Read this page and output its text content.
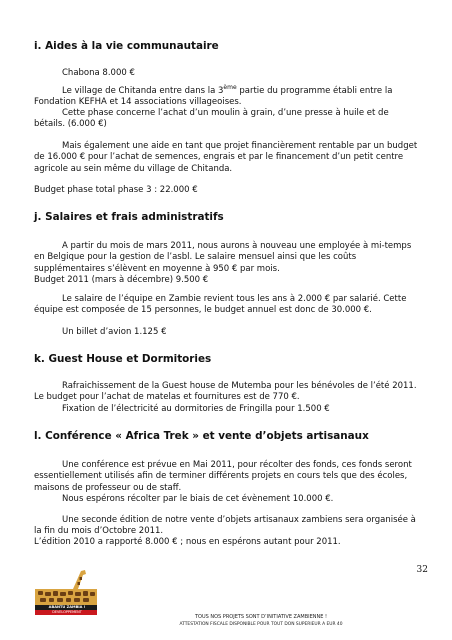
i. Aides à la vie communautaire

Chabona 8.000 €

Le village de Chitanda entre dans la 3ème partie du programme établi entre la Fondation KEFHA et 14 associations villageoises.

Cette phase concerne l’achat d’un moulin à grain, d’une presse à huile et de bétails. (6.000 €)

Mais également une aide en tant que projet financièrement rentable par un budget de 16.000 € pour l’achat de semences, engrais et par le financement d’un petit centre agricole au sein même du village de Chitanda.

Budget phase total phase 3 : 22.000 €

j. Salaires et frais administratifs

A partir du mois de mars 2011, nous aurons à nouveau une employée à mi-temps en Belgique pour la gestion de l’asbl. Le salaire mensuel ainsi que les coûts supplémentaires s’élèvent en moyenne à 950 € par mois.

Budget 2011 (mars à décembre) 9.500 €

Le salaire de l’équipe en Zambie revient tous les ans à 2.000 € par salarié. Cette équipe est composée de 15 personnes, le budget annuel est donc de 30.000 €.

Un billet d’avion 1.125 €

k. Guest House et Dormitories

Rafraichissement de la Guest house de Mutemba pour les bénévoles de l’été 2011. Le budget pour l’achat de matelas et fournitures est de 770 €.

Fixation de l’électricité au dormitories de Fringilla pour 1.500 €

l. Conférence « Africa Trek » et vente d’objets artisanaux

Une conférence est prévue en Mai 2011, pour récolter des fonds, ces fonds seront essentiellement utilisés afin de terminer différents projets en cours tels que des écoles, maisons de professeur ou de staff.

Nous espérons récolter par le biais de cet évènement 10.000 €.

Une seconde édition de notre vente d’objets artisanaux zambiens sera organisée à la fin du mois d’Octobre 2011.

L’édition 2010 a rapporté 8.000 € ; nous en espérons autant pour 2011.

32
ABANTU ZAMBIA !
DEVELOPPEMENT
TOUS NOS PROJETS SONT D’INITIATIVE ZAMBIENNE !
ATTESTATION FISCALE DISPONIBLE POUR TOUT DON SUPERIEUR A EUR 40
